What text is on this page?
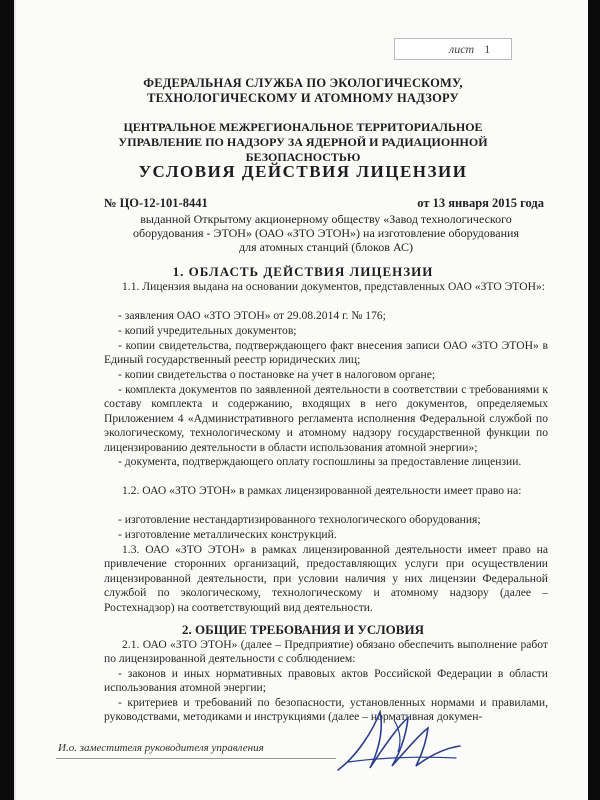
лист 1
ФЕДЕРАЛЬНАЯ СЛУЖБА ПО ЭКОЛОГИЧЕСКОМУ, ТЕХНОЛОГИЧЕСКОМУ И АТОМНОМУ НАДЗОРУ
ЦЕНТРАЛЬНОЕ МЕЖРЕГИОНАЛЬНОЕ ТЕРРИТОРИАЛЬНОЕ УПРАВЛЕНИЕ ПО НАДЗОРУ ЗА ЯДЕРНОЙ И РАДИАЦИОННОЙ БЕЗОПАСНОСТЬЮ
УСЛОВИЯ ДЕЙСТВИЯ ЛИЦЕНЗИИ
№ ЦО-12-101-8441	от 13 января 2015 года
выданной Открытому акционерному обществу «Завод технологического оборудования - ЭТОН» (ОАО «ЗТО ЭТОН») на изготовление оборудования для атомных станций (блоков АС)
1. ОБЛАСТЬ ДЕЙСТВИЯ ЛИЦЕНЗИИ
1.1. Лицензия выдана на основании документов, представленных ОАО «ЗТО ЭТОН»:
- заявления ОАО «ЗТО ЭТОН» от 29.08.2014 г. № 176;
- копий учредительных документов;
- копии свидетельства, подтверждающего факт внесения записи ОАО «ЗТО ЭТОН» в Единый государственный реестр юридических лиц;
- копии свидетельства о постановке на учет в налоговом органе;
- комплекта документов по заявленной деятельности в соответствии с требованиями к составу комплекта и содержанию, входящих в него документов, определяемых Приложением 4 «Административного регламента исполнения Федеральной службой по экологическому, технологическому и атомному надзору государственной функции по лицензированию деятельности в области использования атомной энергии»;
- документа, подтверждающего оплату госпошлины за предоставление лицензии.
1.2. ОАО «ЗТО ЭТОН» в рамках лицензированной деятельности имеет право на:
- изготовление нестандартизированного технологического оборудования;
- изготовление металлических конструкций.
1.3. ОАО «ЗТО ЭТОН» в рамках лицензированной деятельности имеет право на привлечение сторонних организаций, предоставляющих услуги при осуществлении лицензированной деятельности, при условии наличия у них лицензии Федеральной службой по экологическому, технологическому и атомному надзору (далее – Ростехнадзор) на соответствующий вид деятельности.
2. ОБЩИЕ ТРЕБОВАНИЯ И УСЛОВИЯ
2.1. ОАО «ЗТО ЭТОН» (далее – Предприятие) обязано обеспечить выполнение работ по лицензированной деятельности с соблюдением:
- законов и иных нормативных правовых актов Российской Федерации в области использования атомной энергии;
- критериев и требований по безопасности, установленных нормами и правилами, руководствами, методиками и инструкциями (далее – нормативная докумен-
И.о. заместителя руководителя управления
